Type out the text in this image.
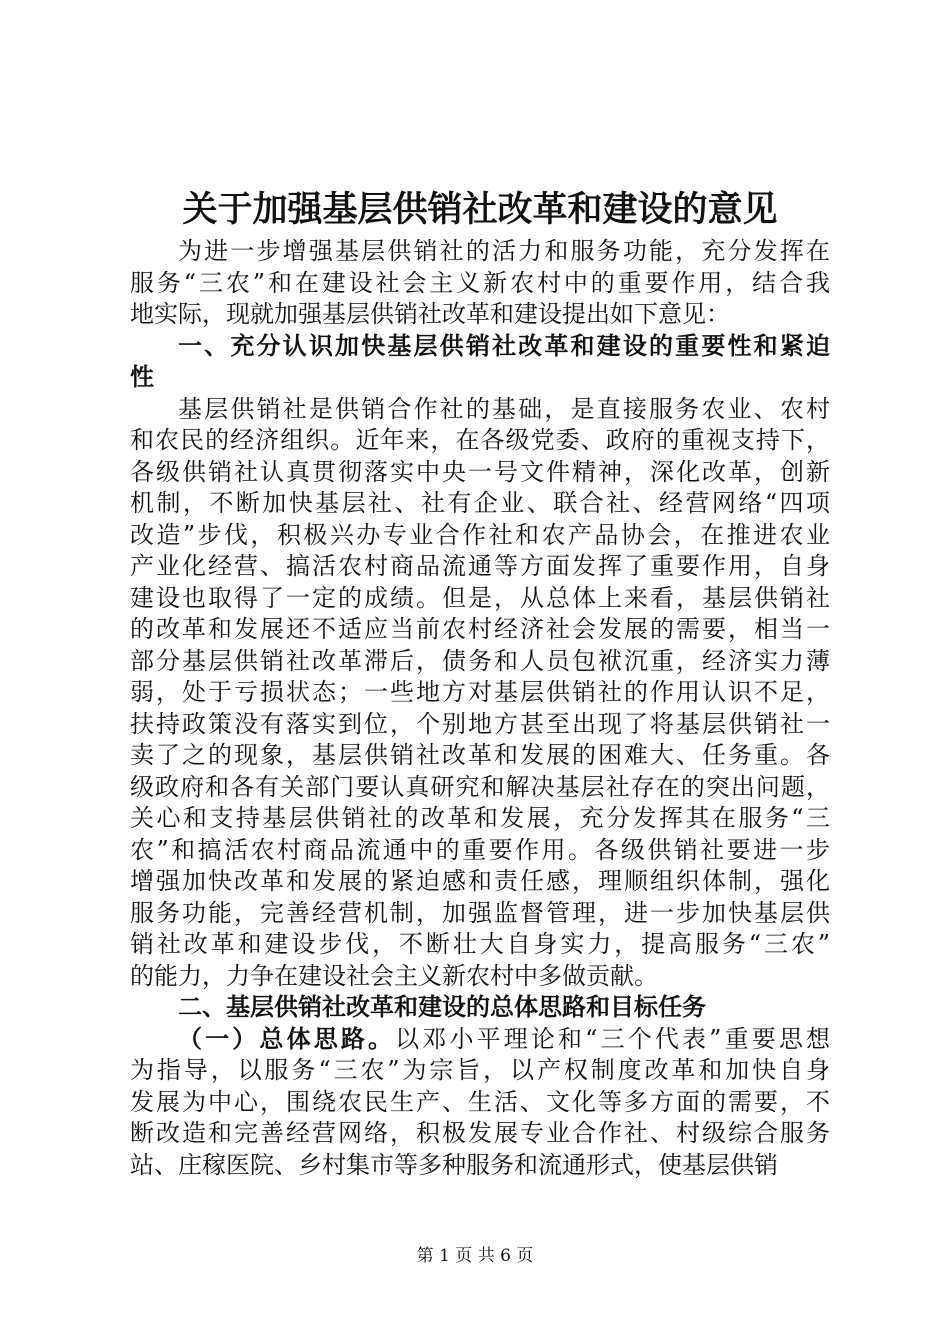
关于加强基层供销社改革和建设的意见
为进一步增强基层供销社的活力和服务功能，充分发挥在
服务“三农”和在建设社会主义新农村中的重要作用，结合我
地实际，现就加强基层供销社改革和建设提出如下意见：
一、充分认识加快基层供销社改革和建设的重要性和紧迫
性
基层供销社是供销合作社的基础，是直接服务农业、农村
和农民的经济组织。近年来，在各级党委、政府的重视支持下，
各级供销社认真贯彻落实中央一号文件精神，深化改革，创新
机制，不断加快基层社、社有企业、联合社、经营网络“四项
改造”步伐，积极兴办专业合作社和农产品协会，在推进农业
产业化经营、搞活农村商品流通等方面发挥了重要作用，自身
建设也取得了一定的成绩。但是，从总体上来看，基层供销社
的改革和发展还不适应当前农村经济社会发展的需要，相当一
部分基层供销社改革滞后，债务和人员包袱沉重，经济实力薄
弱，处于亏损状态；一些地方对基层供销社的作用认识不足，
扶持政策没有落实到位，个别地方甚至出现了将基层供销社一
卖了之的现象，基层供销社改革和发展的困难大、任务重。各
级政府和各有关部门要认真研究和解决基层社存在的突出问题，
关心和支持基层供销社的改革和发展，充分发挥其在服务“三
农”和搞活农村商品流通中的重要作用。各级供销社要进一步
增强加快改革和发展的紧迫感和责任感，理顺组织体制，强化
服务功能，完善经营机制，加强监督管理，进一步加快基层供
销社改革和建设步伐，不断壮大自身实力，提高服务“三农”
的能力，力争在建设社会主义新农村中多做贡献。
二、基层供销社改革和建设的总体思路和目标任务
（一）总体思路。以邓小平理论和“三个代表”重要思想
为指导，以服务“三农”为宗旨，以产权制度改革和加快自身
发展为中心，围绕农民生产、生活、文化等多方面的需要，不
断改造和完善经营网络，积极发展专业合作社、村级综合服务
站、庄稼医院、乡村集市等多种服务和流通形式，使基层供销
第 1 页 共 6 页
